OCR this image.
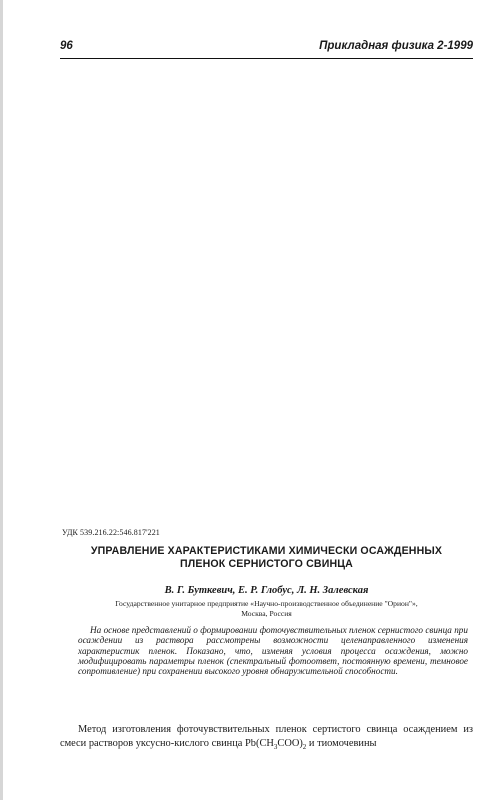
96	Прикладная физика 2-1999
УДК 539.216.22:546.817'221
УПРАВЛЕНИЕ ХАРАКТЕРИСТИКАМИ ХИМИЧЕСКИ ОСАЖДЕННЫХ
ПЛЕНОК СЕРНИСТОГО СВИНЦА
В. Г. Буткевич, Е. Р. Глобус, Л. Н. Залевская
Государственное унитарное предприятие «Научно-производственное объединение "Орион"»,
Москва, Россия
На основе представлений о формировании фоточувствительных пленок сернистого свинца при осаждении из раствора рассмотрены возможности целенаправленного изменения характеристик пленок. Показано, что, изменяя условия процесса осаждения, можно модифицировать параметры пленок (спектральный фотоответ, постоянную времени, темновое сопротивление) при сохранении высокого уровня обнаружительной способности.
Метод изготовления фоточувствительных пленок сертистого свинца осаждением из смеси растворов уксусно-кислого свинца $Pb(CH_3COO)_2$ и тиомочевины
